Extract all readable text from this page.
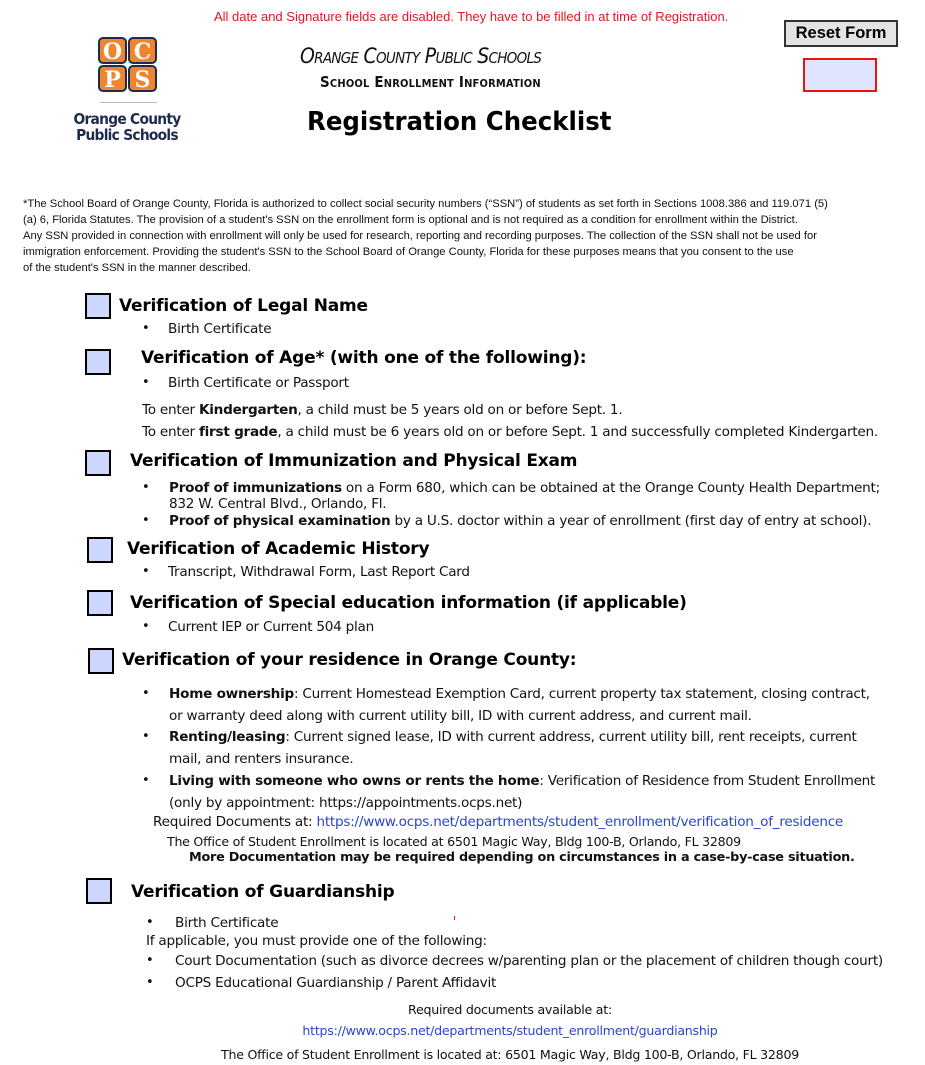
All date and Signature fields are disabled. They have to be filled in at time of Registration.
Reset Form
O C
P S
Orange County
Public Schools
Orange County Public Schools
School Enrollment Information
Registration Checklist

*The School Board of Orange County, Florida is authorized to collect social security numbers (“SSN”) of students as set forth in Sections 1008.386 and 119.071 (5)

(a) 6, Florida Statutes. The provision of a student's SSN on the enrollment form is optional and is not required as a condition for enrollment within the District.

Any SSN provided in connection with enrollment will only be used for research, reporting and recording purposes. The collection of the SSN shall not be used for

immigration enforcement. Providing the student's SSN to the School Board of Orange County, Florida for these purposes means that you consent to the use

of the student's SSN in the manner described.

Verification of Legal Name
• Birth Certificate
Verification of Age* (with one of the following):
• Birth Certificate or Passport
To enter Kindergarten, a child must be 5 years old on or before Sept. 1.
To enter first grade, a child must be 6 years old on or before Sept. 1 and successfully completed Kindergarten.
Verification of Immunization and Physical Exam
• Proof of immunizations on a Form 680, which can be obtained at the Orange County Health Department;
832 W. Central Blvd., Orlando, Fl.
• Proof of physical examination by a U.S. doctor within a year of enrollment (first day of entry at school).
Verification of Academic History
• Transcript, Withdrawal Form, Last Report Card
Verification of Special education information (if applicable)
• Current IEP or Current 504 plan
Verification of your residence in Orange County:
• Home ownership: Current Homestead Exemption Card, current property tax statement, closing contract,
or warranty deed along with current utility bill, ID with current address, and current mail.
• Renting/leasing: Current signed lease, ID with current address, current utility bill, rent receipts, current
mail, and renters insurance.
• Living with someone who owns or rents the home: Verification of Residence from Student Enrollment
(only by appointment: https://appointments.ocps.net)
Required Documents at: https://www.ocps.net/departments/student_enrollment/verification_of_residence
The Office of Student Enrollment is located at 6501 Magic Way, Bldg 100-B, Orlando, FL 32809
More Documentation may be required depending on circumstances in a case-by-case situation.
Verification of Guardianship
• Birth Certificate
If applicable, you must provide one of the following:
• Court Documentation (such as divorce decrees w/parenting plan or the placement of children though court)
• OCPS Educational Guardianship / Parent Affidavit
Required documents available at:
https://www.ocps.net/departments/student_enrollment/guardianship
The Office of Student Enrollment is located at: 6501 Magic Way, Bldg 100-B, Orlando, FL 32809
